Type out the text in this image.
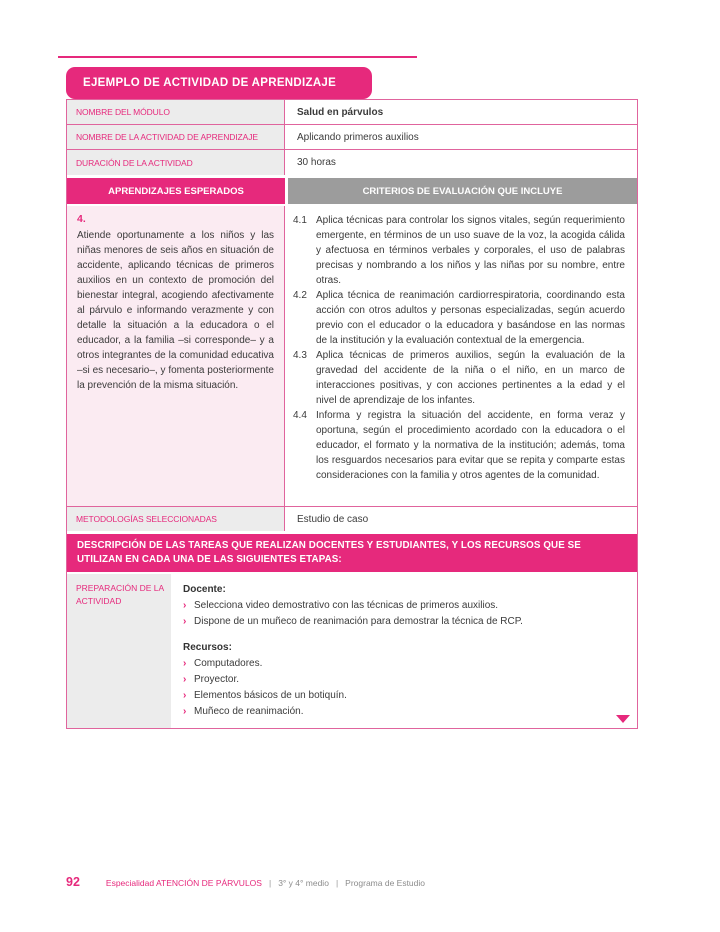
EJEMPLO DE ACTIVIDAD DE APRENDIZAJE
NOMBRE DEL MÓDULO	Salud en párvulos
NOMBRE DE LA ACTIVIDAD DE APRENDIZAJE	Aplicando primeros auxilios
DURACIÓN DE LA ACTIVIDAD	30 horas
APRENDIZAJES ESPERADOS	CRITERIOS DE EVALUACIÓN QUE INCLUYE
4.
Atiende oportunamente a los niños y las niñas menores de seis años en situación de accidente, aplicando técnicas de primeros auxilios en un contexto de promoción del bienestar integral, acogiendo afectivamente al párvulo e informando verazmente y con detalle la situación a la educadora o el educador, a la familia –si corresponde– y a otros integrantes de la comunidad educativa –si es necesario–, y fomenta posteriormente la prevención de la misma situación.
4.1 Aplica técnicas para controlar los signos vitales, según requerimiento emergente, en términos de un uso suave de la voz, la acogida cálida y afectuosa en términos verbales y corporales, el uso de palabras precisas y nombrando a los niños y las niñas por su nombre, entre otras.
4.2 Aplica técnica de reanimación cardiorrespiratoria, coordinando esta acción con otros adultos y personas especializadas, según acuerdo previo con el educador o la educadora y basándose en las normas de la institución y la evaluación contextual de la emergencia.
4.3 Aplica técnicas de primeros auxilios, según la evaluación de la gravedad del accidente de la niña o el niño, en un marco de interacciones positivas, y con acciones pertinentes a la edad y el nivel de aprendizaje de los infantes.
4.4 Informa y registra la situación del accidente, en forma veraz y oportuna, según el procedimiento acordado con la educadora o el educador, el formato y la normativa de la institución; además, toma los resguardos necesarios para evitar que se repita y comparte estas consideraciones con la familia y otros agentes de la comunidad.
METODOLOGÍAS SELECCIONADAS	Estudio de caso
DESCRIPCIÓN DE LAS TAREAS QUE REALIZAN DOCENTES Y ESTUDIANTES, Y LOS RECURSOS QUE SE UTILIZAN EN CADA UNA DE LAS SIGUIENTES ETAPAS:
PREPARACIÓN DE LA ACTIVIDAD
Docente:
› Selecciona video demostrativo con las técnicas de primeros auxilios.
› Dispone de un muñeco de reanimación para demostrar la técnica de RCP.
Recursos:
› Computadores.
› Proyector.
› Elementos básicos de un botiquín.
› Muñeco de reanimación.
92	Especialidad ATENCIÓN DE PÁRVULOS | 3° y 4° medio | Programa de Estudio
